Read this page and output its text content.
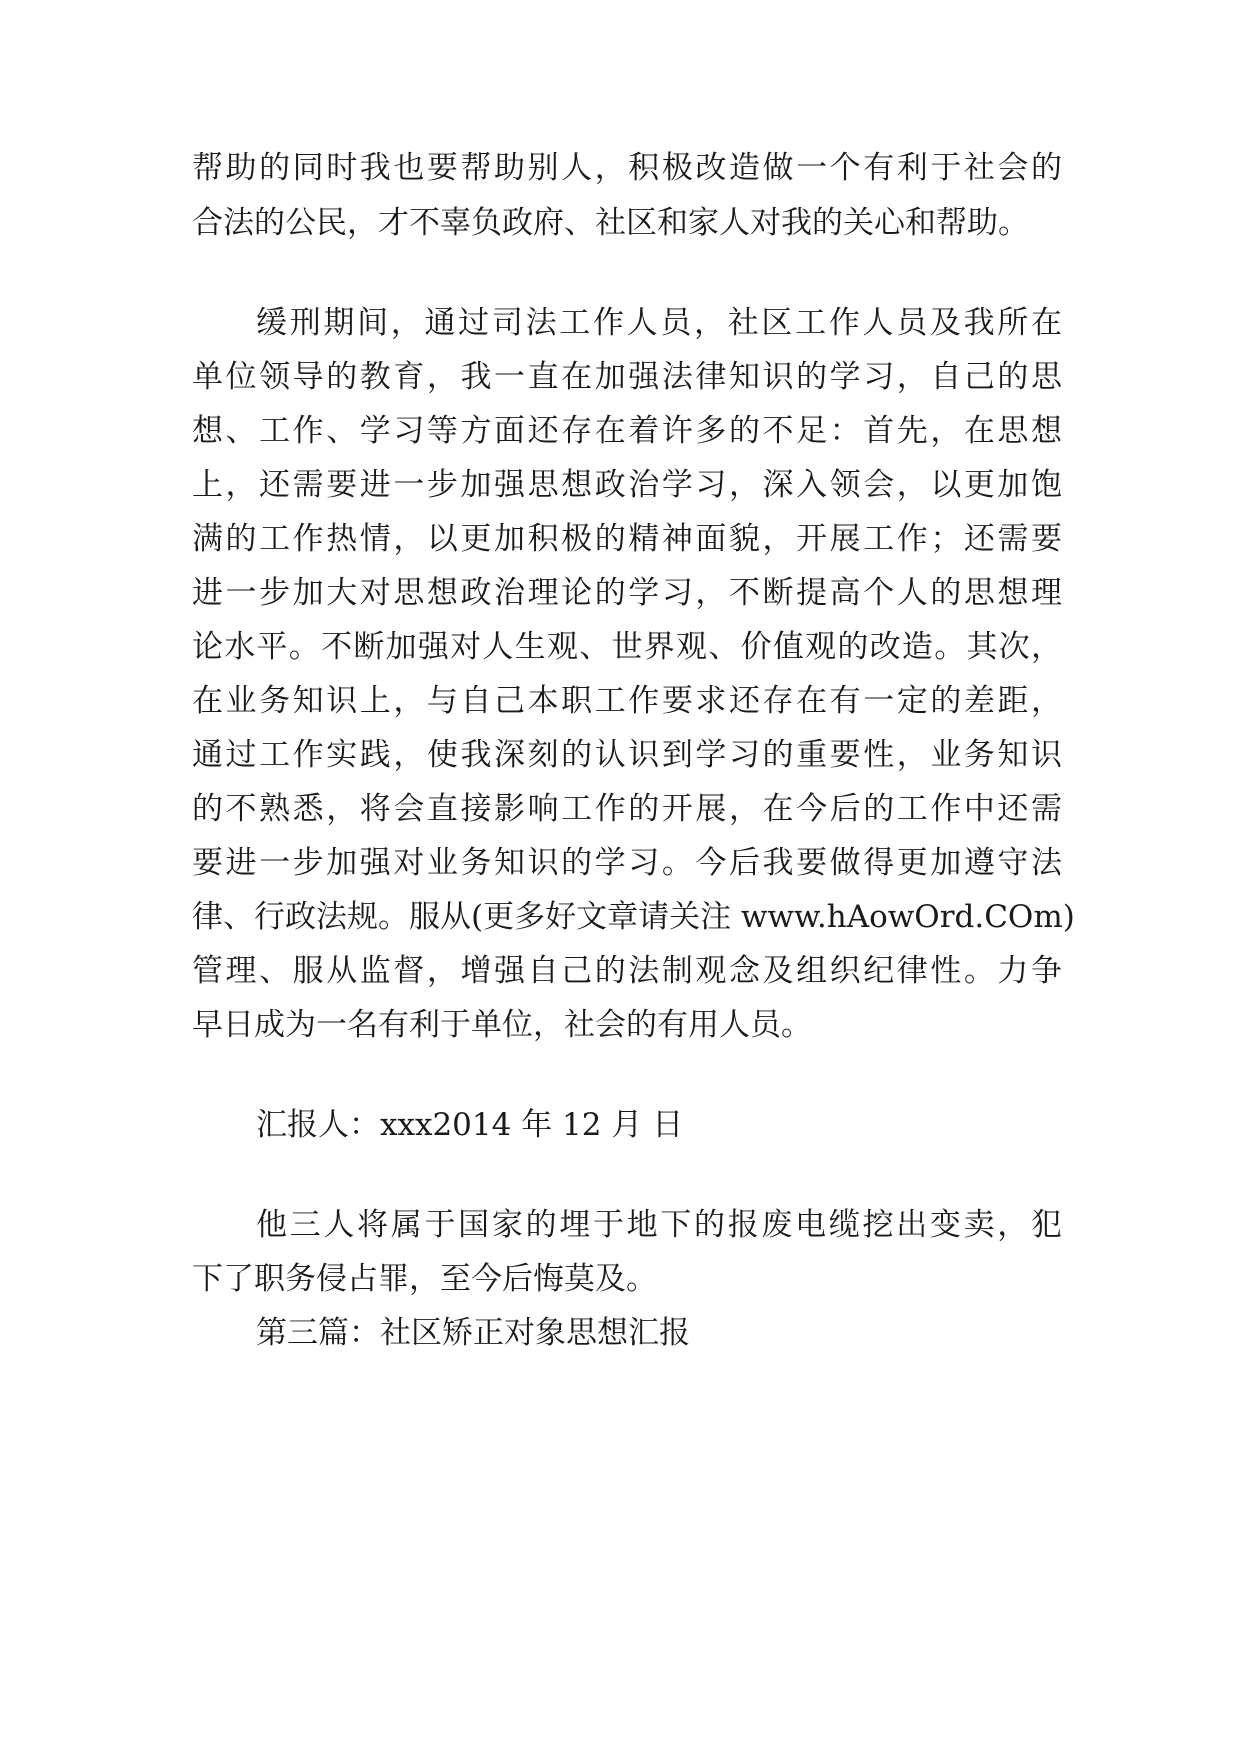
帮助的同时我也要帮助别人，积极改造做一个有利于社会的
合法的公民，才不辜负政府、社区和家人对我的关心和帮助。
缓刑期间，通过司法工作人员，社区工作人员及我所在
单位领导的教育，我一直在加强法律知识的学习，自己的思
想、工作、学习等方面还存在着许多的不足：首先，在思想
上，还需要进一步加强思想政治学习，深入领会，以更加饱
满的工作热情，以更加积极的精神面貌，开展工作；还需要
进一步加大对思想政治理论的学习，不断提高个人的思想理
论水平。不断加强对人生观、世界观、价值观的改造。其次，
在业务知识上，与自己本职工作要求还存在有一定的差距，
通过工作实践，使我深刻的认识到学习的重要性，业务知识
的不熟悉，将会直接影响工作的开展，在今后的工作中还需
要进一步加强对业务知识的学习。今后我要做得更加遵守法
律、行政法规。服从(更多好文章请关注 www.hAowOrd.COm)
管理、服从监督，增强自己的法制观念及组织纪律性。力争
早日成为一名有利于单位，社会的有用人员。
汇报人：xxx2014 年 12 月 日
他三人将属于国家的埋于地下的报废电缆挖出变卖，犯
下了职务侵占罪，至今后悔莫及。
第三篇：社区矫正对象思想汇报
